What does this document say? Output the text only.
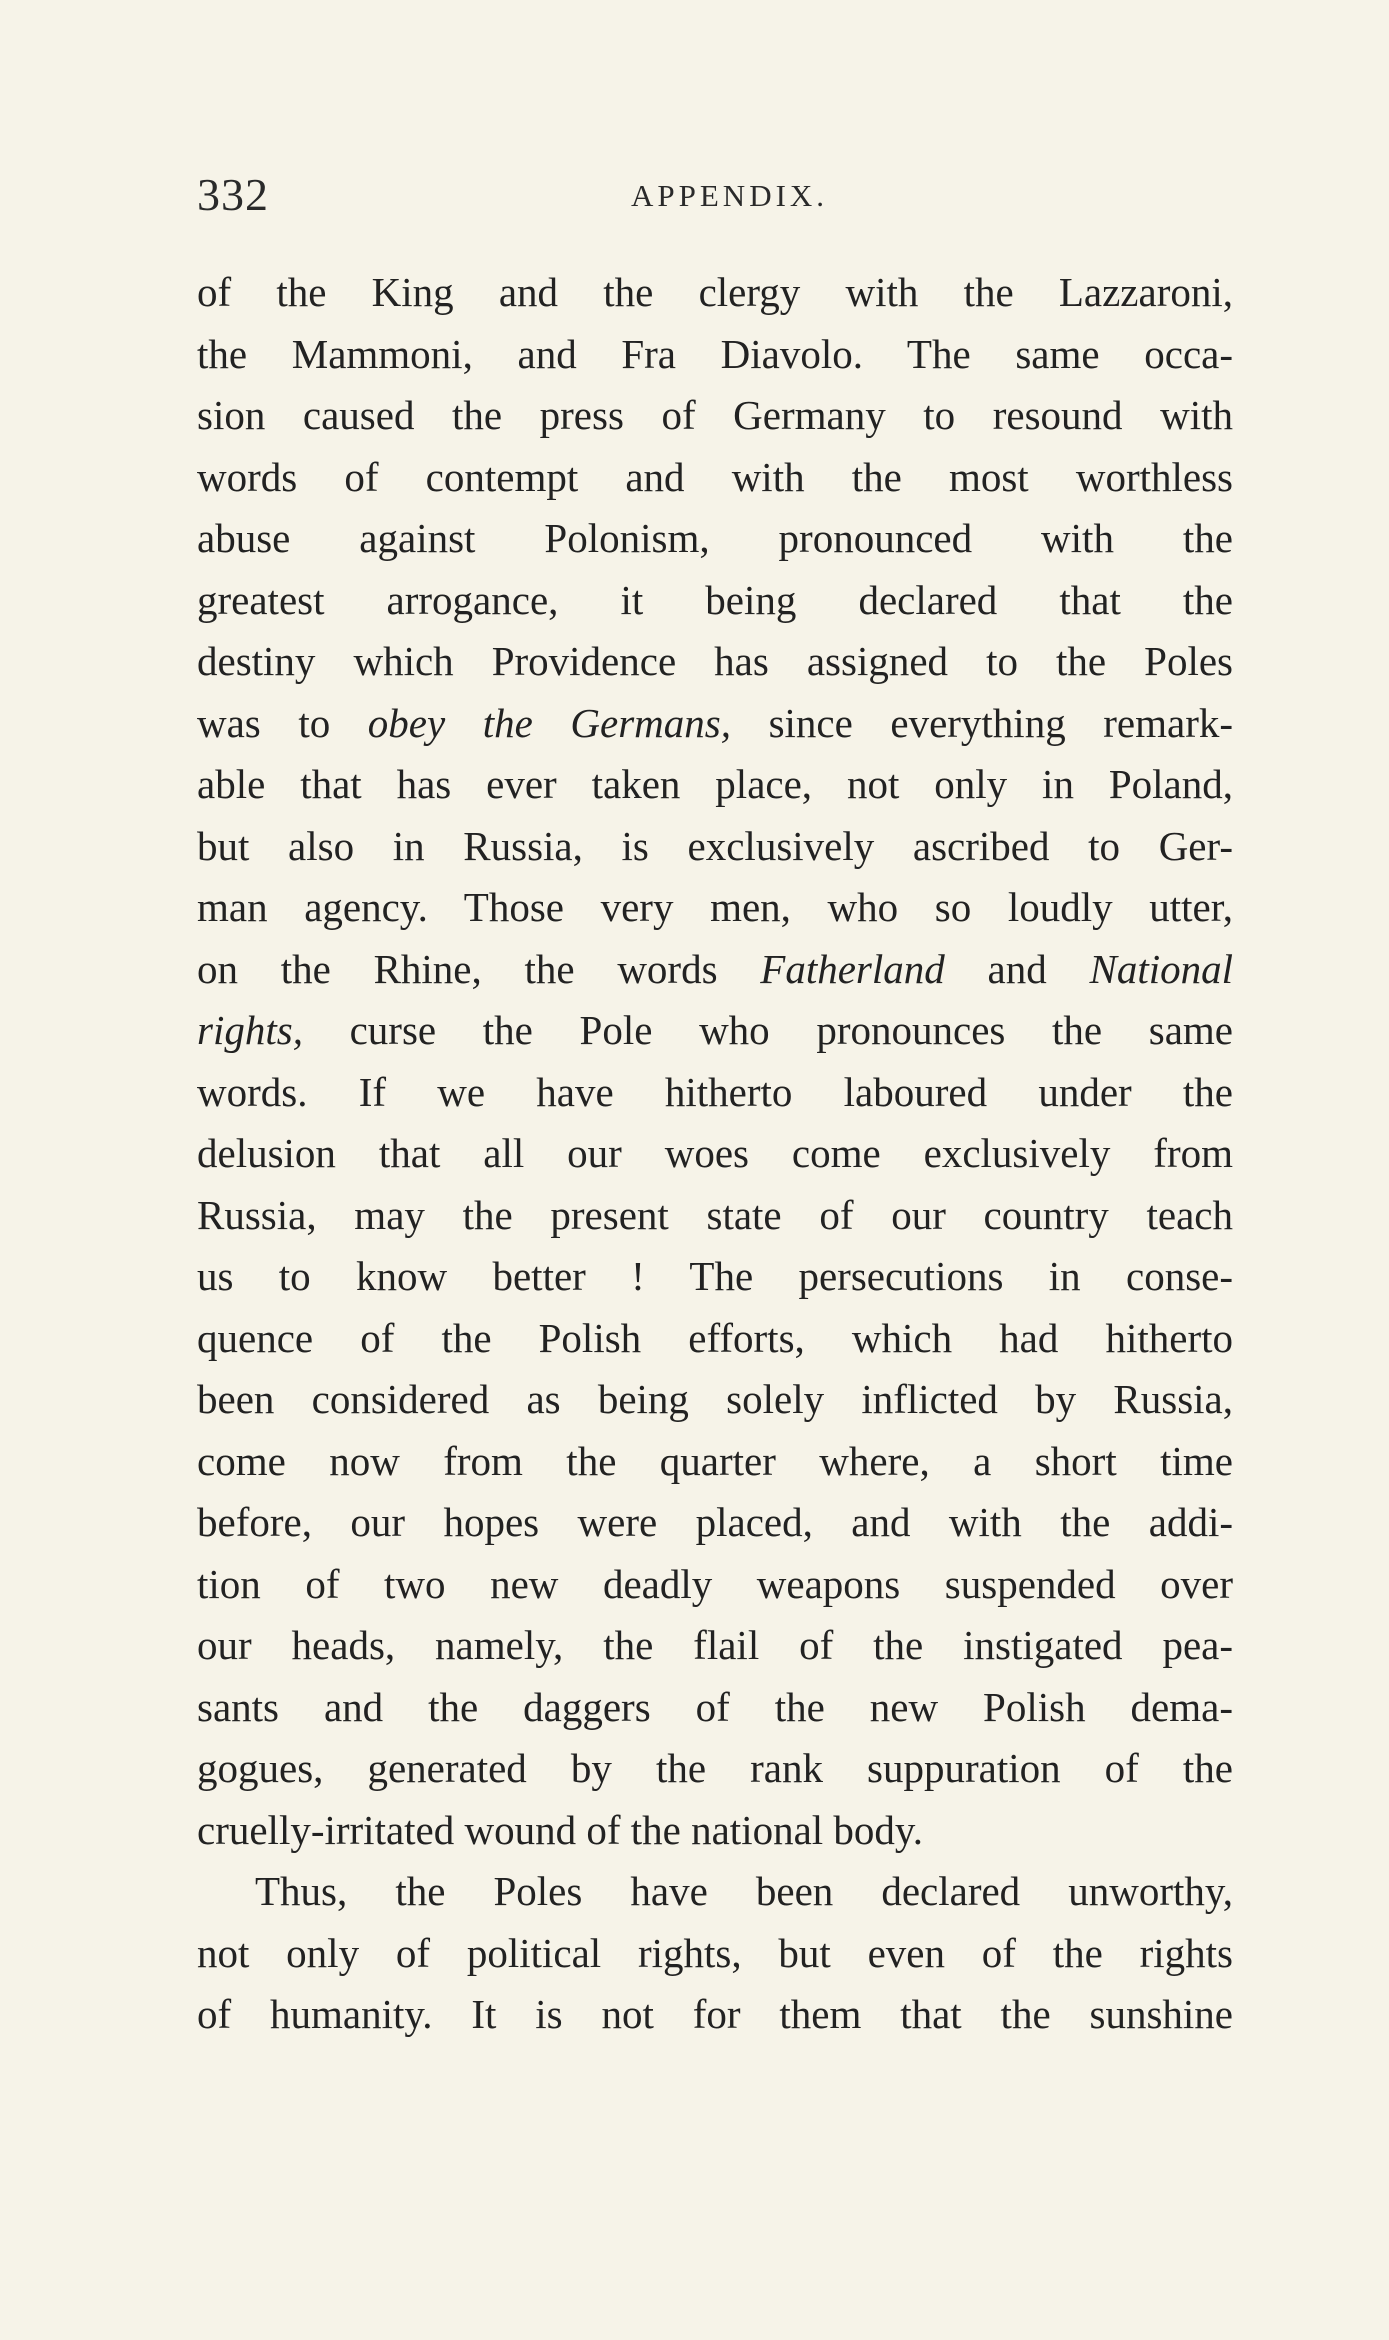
332	APPENDIX.
of the King and the clergy with the Lazzaroni,
the Mammoni, and Fra Diavolo. The same occa-
sion caused the press of Germany to resound with
words of contempt and with the most worthless
abuse against Polonism, pronounced with the
greatest arrogance, it being declared that the
destiny which Providence has assigned to the Poles
was to obey the Germans, since everything remark-
able that has ever taken place, not only in Poland,
but also in Russia, is exclusively ascribed to Ger-
man agency. Those very men, who so loudly utter,
on the Rhine, the words Fatherland and National
rights, curse the Pole who pronounces the same
words. If we have hitherto laboured under the
delusion that all our woes come exclusively from
Russia, may the present state of our country teach
us to know better ! The persecutions in conse-
quence of the Polish efforts, which had hitherto
been considered as being solely inflicted by Russia,
come now from the quarter where, a short time
before, our hopes were placed, and with the addi-
tion of two new deadly weapons suspended over
our heads, namely, the flail of the instigated pea-
sants and the daggers of the new Polish dema-
gogues, generated by the rank suppuration of the
cruelly-irritated wound of the national body.
Thus, the Poles have been declared unworthy,
not only of political rights, but even of the rights
of humanity. It is not for them that the sunshine
